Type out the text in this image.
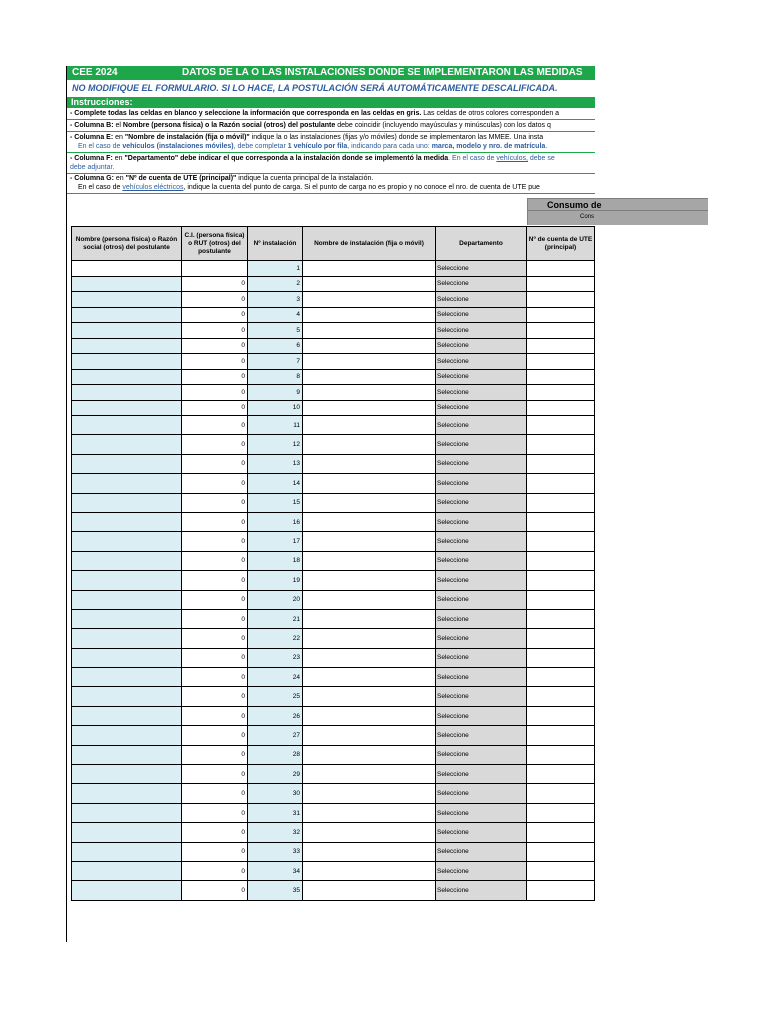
CEE 2024	DATOS DE LA O LAS INSTALACIONES DONDE SE IMPLEMENTARON LAS MEDIDAS
NO MODIFIQUE EL FORMULARIO. SI LO HACE, LA POSTULACIÓN SERÁ AUTOMÁTICAMENTE DESCALIFICADA.
Instrucciones:
- Complete todas las celdas en blanco y seleccione la información que corresponda en las celdas en gris. Las celdas de otros colores corresponden a
- Columna B: el Nombre (persona física) o la Razón social (otros) del postulante debe coincidir (incluyendo mayúsculas y minúsculas) con los datos q
- Columna E: en "Nombre de instalación (fija o móvil)" indique la o las instalaciones (fijas y/o móviles) donde se implementaron las MMEE. Una insta
En el caso de vehículos (instalaciones móviles), debe completar 1 vehículo por fila, indicando para cada uno: marca, modelo y nro. de matrícula.
- Columna F: en "Departamento" debe indicar el que corresponda a la instalación donde se implementó la medida. En el caso de vehículos, debe se
debe adjuntar.
- Columna G: en "Nº de cuenta de UTE (principal)" indique la cuenta principal de la instalación.
En el caso de vehículos eléctricos, indique la cuenta del punto de carga. Si el punto de carga no es propio y no conoce el nro. de cuenta de UTE pue
Consumo de
Cons
Nombre (persona física) o Razón social (otros) del postulante	C.I. (persona física) o RUT (otros) del postulante	Nº instalación	Nombre de instalación (fija o móvil)	Departamento	Nº de cuenta de UTE (principal)

		1		Seleccione	

	0	2		Seleccione	

	0	3		Seleccione	

	0	4		Seleccione	

	0	5		Seleccione	

	0	6		Seleccione	

	0	7		Seleccione	

	0	8		Seleccione	

	0	9		Seleccione	

	0	10		Seleccione	

	0	11		Seleccione	

	0	12		Seleccione	

	0	13		Seleccione	

	0	14		Seleccione	

	0	15		Seleccione	

	0	16		Seleccione	

	0	17		Seleccione	

	0	18		Seleccione	

	0	19		Seleccione	

	0	20		Seleccione	

	0	21		Seleccione	

	0	22		Seleccione	

	0	23		Seleccione	

	0	24		Seleccione	

	0	25		Seleccione	

	0	26		Seleccione	

	0	27		Seleccione	

	0	28		Seleccione	

	0	29		Seleccione	

	0	30		Seleccione	

	0	31		Seleccione	

	0	32		Seleccione	

	0	33		Seleccione	

	0	34		Seleccione	

	0	35		Seleccione	
